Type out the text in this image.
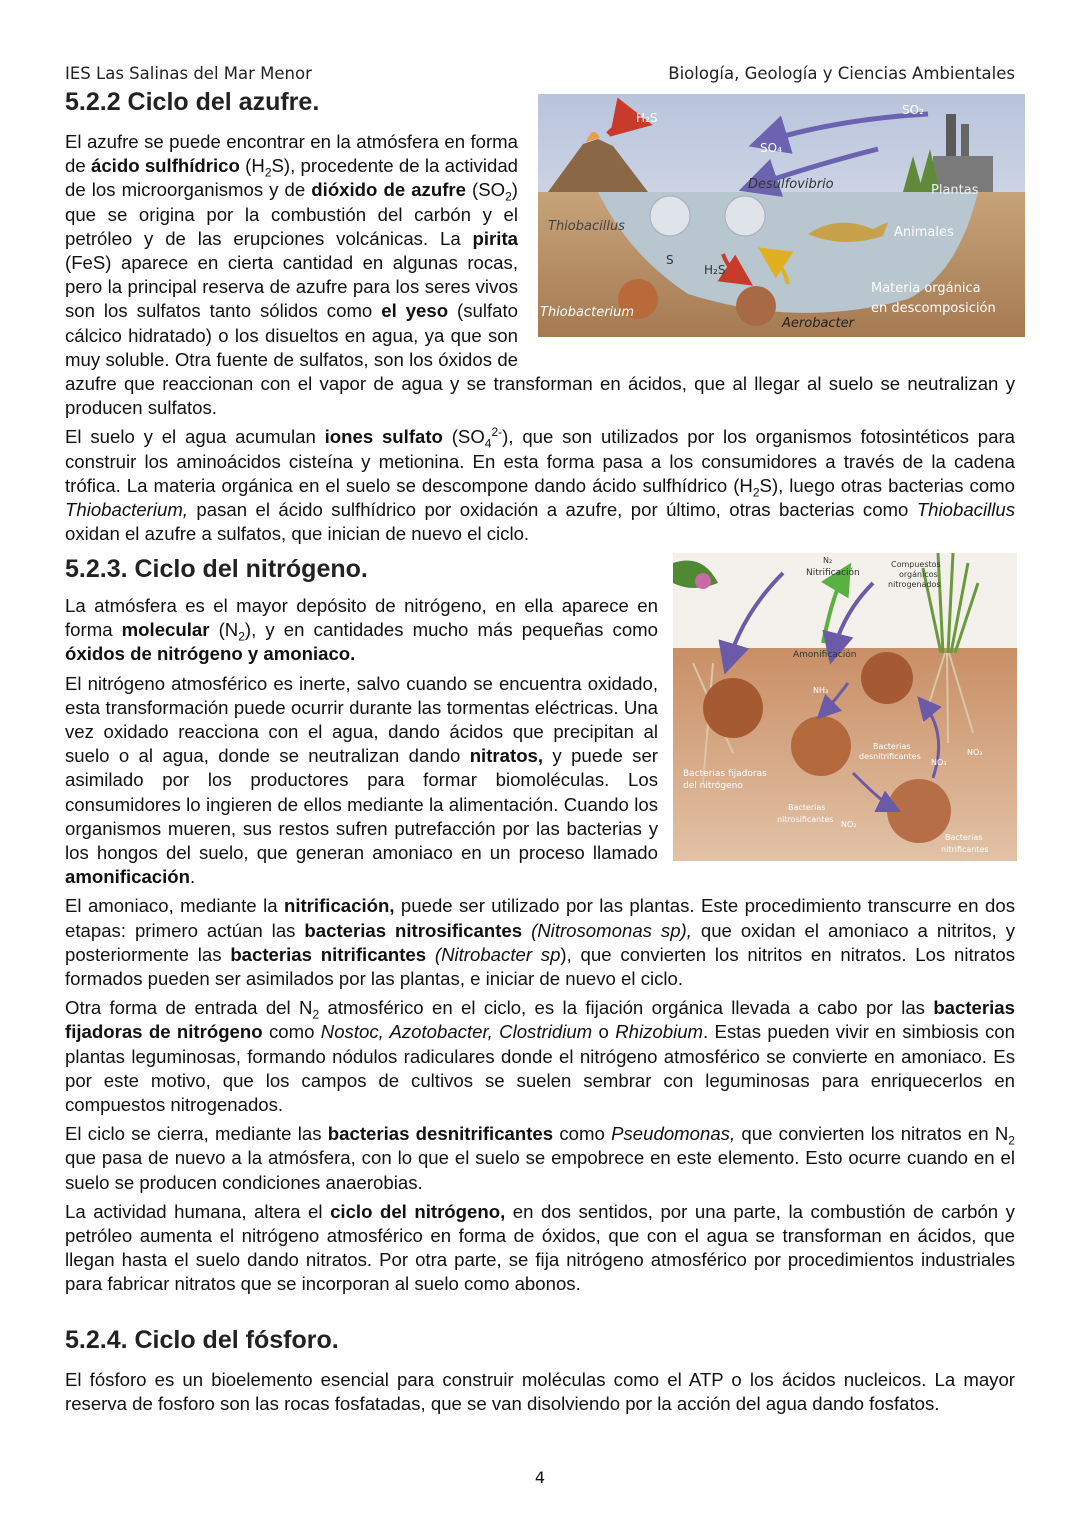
IES Las Salinas del Mar Menor	Biología, Geología y Ciencias Ambientales
5.2.2 Ciclo del azufre.
H₂S
SO₂
SO₄
Desulfovibrio	Plantas
Thiobacillus	Animales
S
H₂S
Thiobacterium
Aerobacter
Materia orgánica
en descomposición

El azufre se puede encontrar en la atmósfera en forma de ácido sulfhídrico $(H_2S)$, procedente de la actividad de los microorganismos y de dióxido de azufre $(SO_2)$ que se origina por la combustión del carbón y el petróleo y de las erupciones volcánicas. La pirita (FeS) aparece en cierta cantidad en algunas rocas, pero la principal reserva de azufre para los seres vivos son los sulfatos tanto sólidos como el yeso (sulfato cálcico hidratado) o los disueltos en agua, ya que son muy soluble. Otra fuente de sulfatos, son los óxidos de azufre que reaccionan con el vapor de agua y se transforman en ácidos, que al llegar al suelo se neutralizan y producen sulfatos.

El suelo y el agua acumulan iones sulfato $(SO_4^{2-})$, que son utilizados por los organismos fotosintéticos para construir los aminoácidos cisteína y metionina. En esta forma pasa a los consumidores a través de la cadena trófica. La materia orgánica en el suelo se descompone dando ácido sulfhídrico $(H_2S)$, luego otras bacterias como Thiobacterium, pasan el ácido sulfhídrico por oxidación a azufre, por último, otras bacterias como Thiobacillus oxidan el azufre a sulfatos, que inician de nuevo el ciclo.

5.2.3. Ciclo del nitrógeno.	N₂
Nitrificación
Compuestos
orgánicos
nitrogenados
Amonificación
NH₃
Bacterias
desnitrificantes
NO₃
NO₃
Bacterias fijadoras
del nitrógeno
Bacterias
nitrosificantes
NO₂
Bacterias
nitrificantes

La atmósfera es el mayor depósito de nitrógeno, en ella aparece en forma molecular $(N_2)$, y en cantidades mucho más pequeñas como óxidos de nitrógeno y amoniaco.

El nitrógeno atmosférico es inerte, salvo cuando se encuentra oxidado, esta transformación puede ocurrir durante las tormentas eléctricas. Una vez oxidado reacciona con el agua, dando ácidos que precipitan al suelo o al agua, donde se neutralizan dando nitratos, y puede ser asimilado por los productores para formar biomoléculas. Los consumidores lo ingieren de ellos mediante la alimentación. Cuando los organismos mueren, sus restos sufren putrefacción por las bacterias y los hongos del suelo, que generan amoniaco en un proceso llamado amonificación.

El amoniaco, mediante la nitrificación, puede ser utilizado por las plantas. Este procedimiento transcurre en dos etapas: primero actúan las bacterias nitrosificantes (Nitrosomonas sp), que oxidan el amoniaco a nitritos, y posteriormente las bacterias nitrificantes (Nitrobacter sp), que convierten los nitritos en nitratos. Los nitratos formados pueden ser asimilados por las plantas, e iniciar de nuevo el ciclo.

Otra forma de entrada del $N_2$ atmosférico en el ciclo, es la fijación orgánica llevada a cabo por las bacterias fijadoras de nitrógeno como Nostoc, Azotobacter, Clostridium o Rhizobium. Estas pueden vivir en simbiosis con plantas leguminosas, formando nódulos radiculares donde el nitrógeno atmosférico se convierte en amoniaco. Es por este motivo, que los campos de cultivos se suelen sembrar con leguminosas para enriquecerlos en compuestos nitrogenados.

El ciclo se cierra, mediante las bacterias desnitrificantes como Pseudomonas, que convierten los nitratos en $N_2$ que pasa de nuevo a la atmósfera, con lo que el suelo se empobrece en este elemento. Esto ocurre cuando en el suelo se producen condiciones anaerobias.

La actividad humana, altera el ciclo del nitrógeno, en dos sentidos, por una parte, la combustión de carbón y petróleo aumenta el nitrógeno atmosférico en forma de óxidos, que con el agua se transforman en ácidos, que llegan hasta el suelo dando nitratos. Por otra parte, se fija nitrógeno atmosférico por procedimientos industriales para fabricar nitratos que se incorporan al suelo como abonos.

5.2.4. Ciclo del fósforo.

El fósforo es un bioelemento esencial para construir moléculas como el ATP o los ácidos nucleicos. La mayor reserva de fosforo son las rocas fosfatadas, que se van disolviendo por la acción del agua dando fosfatos.

4
